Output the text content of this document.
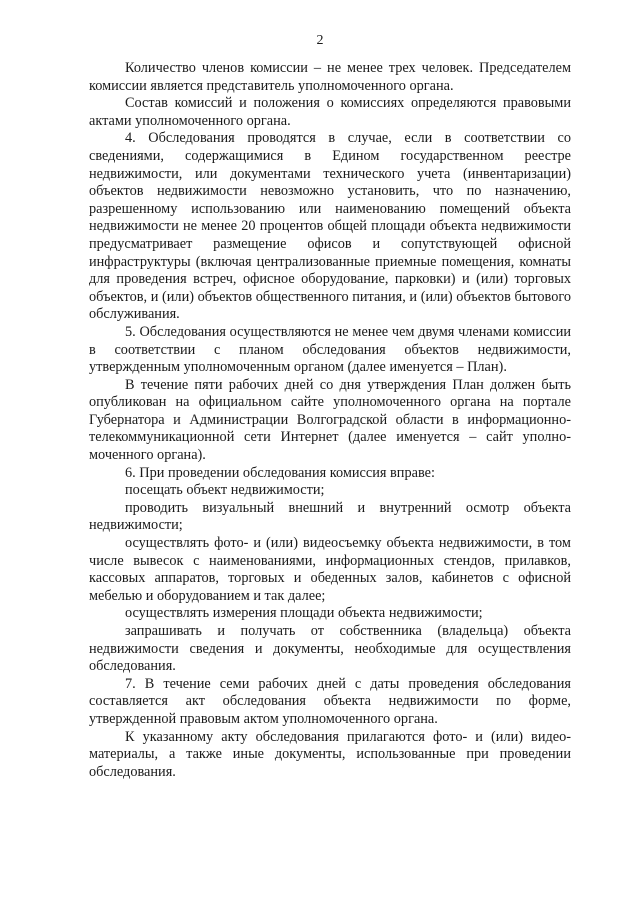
2

Количество членов комиссии – не менее трех человек. Председателем комиссии является представитель уполномоченного органа.

Состав комиссий и положения о комиссиях определяются правовыми актами уполномоченного органа.

4. Обследования проводятся в случае, если в соответствии со сведениями, содержащимися в Едином государственном реестре недвижимости, или документами технического учета (инвентаризации) объектов недвижимости невозможно установить, что по назначению, разрешенному использованию или наименованию помещений объекта недвижимости не менее 20 процентов общей площади объекта недвижимости предусматривает размещение офисов и сопутствующей офисной инфраструктуры (включая централизованные приемные помещения, комнаты для проведения встреч, офисное оборудование, парковки) и (или) торговых объектов, и (или) объектов общественного питания, и (или) объектов бытового обслуживания.

5. Обследования осуществляются не менее чем двумя членами комиссии в соответствии с планом обследования объектов недвижимости, утвержденным уполномоченным органом (далее именуется – План).

В течение пяти рабочих дней со дня утверждения План должен быть опубликован на официальном сайте уполномоченного органа на портале Губернатора и Администрации Волгоградской области в информационно-телекоммуникационной сети Интернет (далее именуется – сайт уполно-моченного органа).

6. При проведении обследования комиссия вправе:

посещать объект недвижимости;

проводить визуальный внешний и внутренний осмотр объекта недвижимости;

осуществлять фото- и (или) видеосъемку объекта недвижимости, в том числе вывесок с наименованиями, информационных стендов, прилавков, кассовых аппаратов, торговых и обеденных залов, кабинетов с офисной мебелью и оборудованием и так далее;

осуществлять измерения площади объекта недвижимости;

запрашивать и получать от собственника (владельца) объекта недвижимости сведения и документы, необходимые для осуществления обследования.

7. В течение семи рабочих дней с даты проведения обследования составляется акт обследования объекта недвижимости по форме, утвержденной правовым актом уполномоченного органа.

К указанному акту обследования прилагаются фото- и (или) видео-материалы, а также иные документы, использованные при проведении обследования.
